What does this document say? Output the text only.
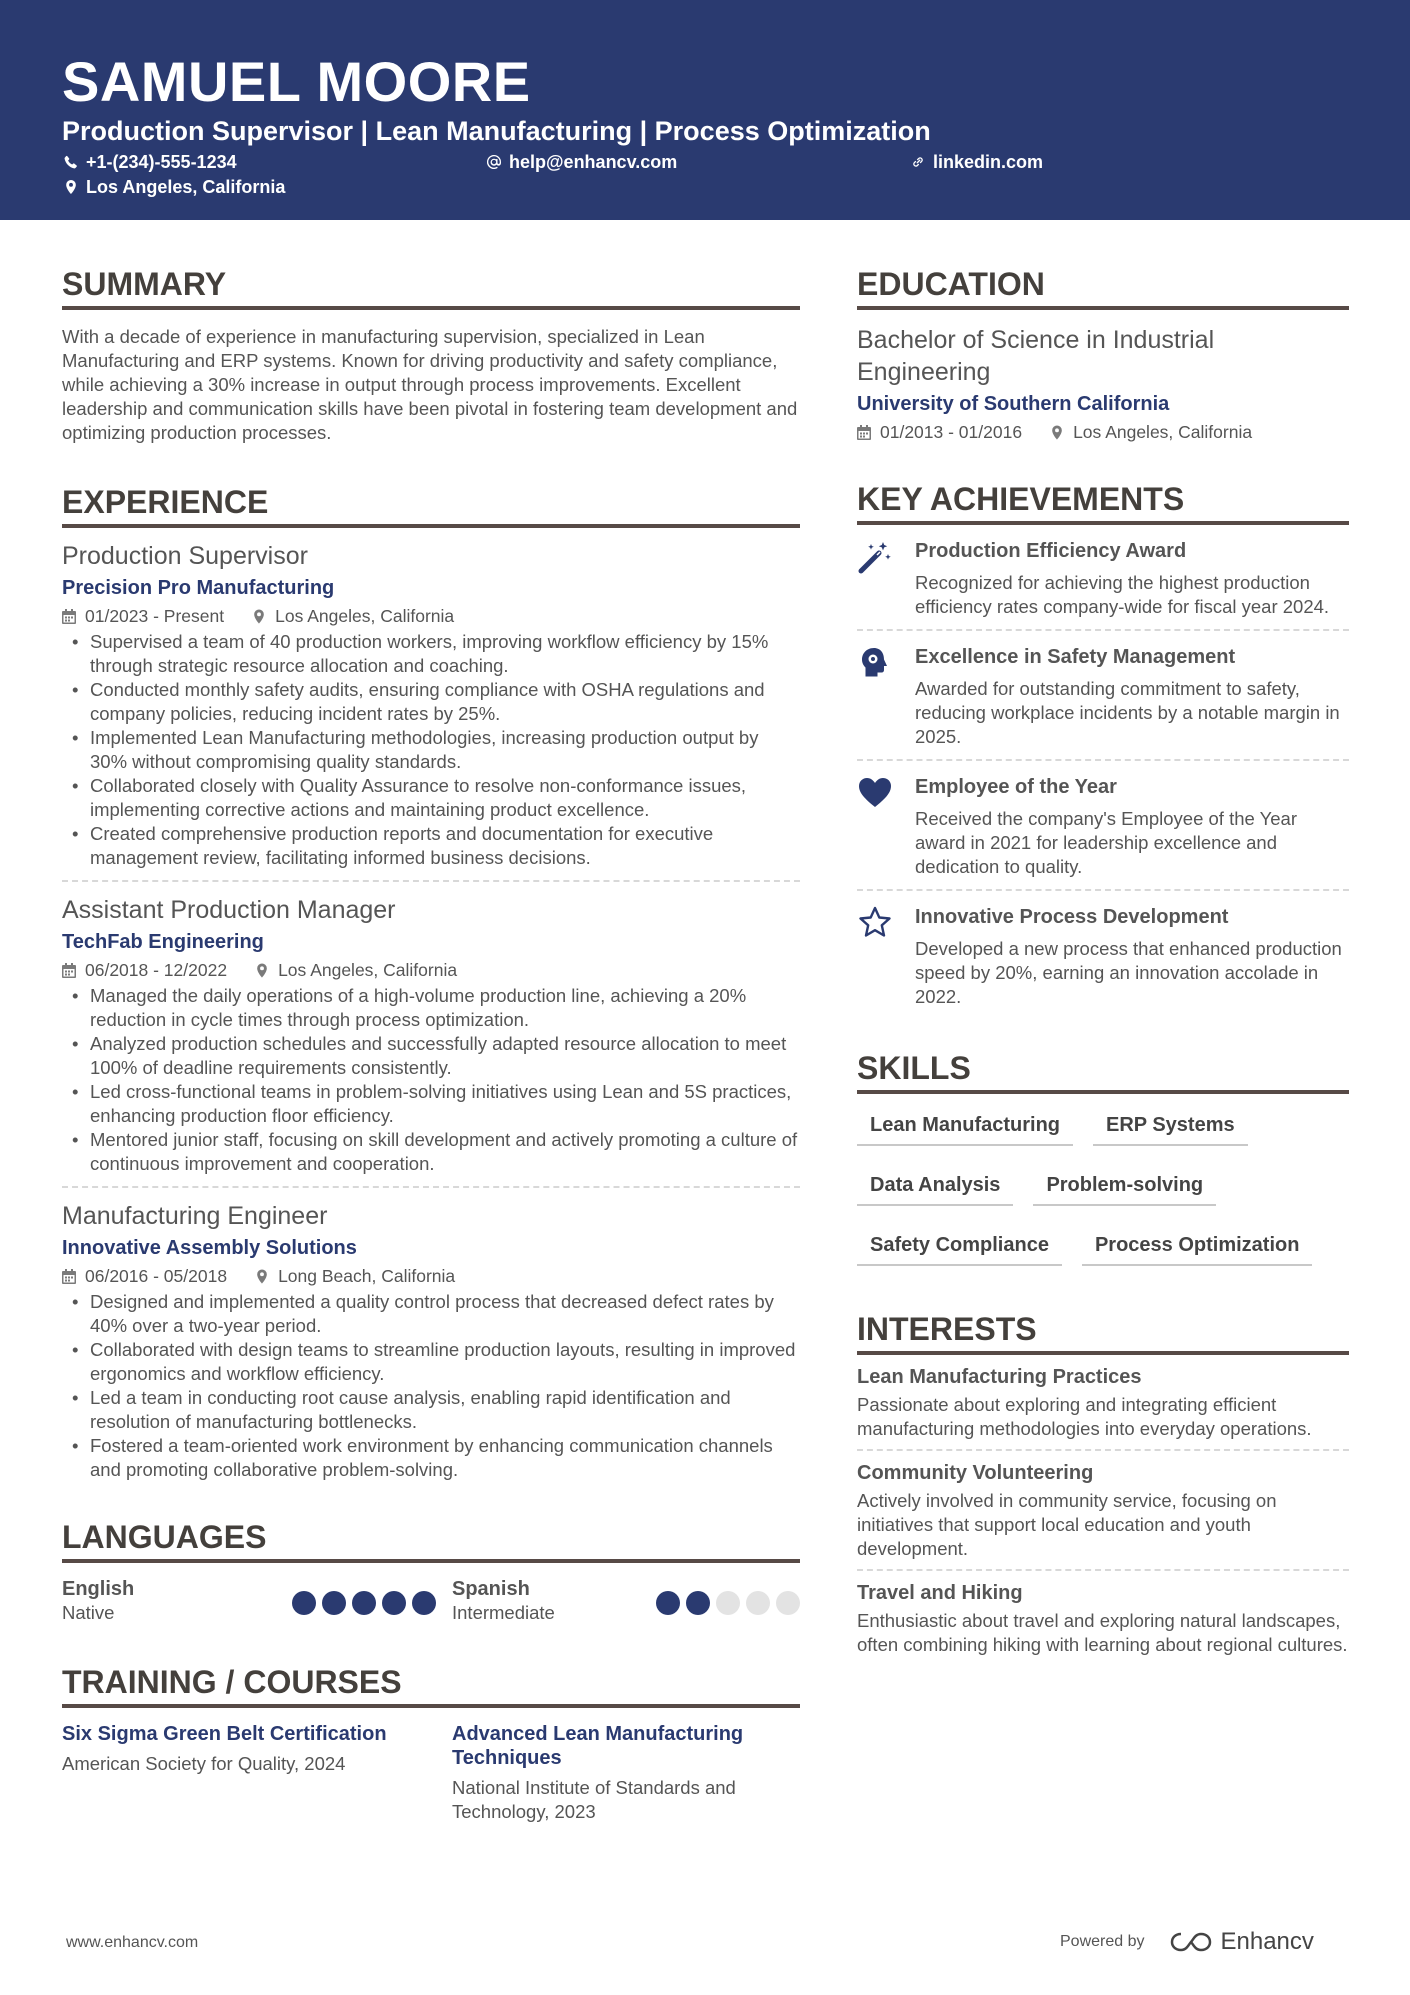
SAMUEL MOORE
Production Supervisor | Lean Manufacturing | Process Optimization
+1-(234)-555-1234	help@enhancv.com	linkedin.com
Los Angeles, California
SUMMARY

With a decade of experience in manufacturing supervision, specialized in Lean Manufacturing and ERP systems. Known for driving productivity and safety compliance, while achieving a 30% increase in output through process improvements. Excellent leadership and communication skills have been pivotal in fostering team development and optimizing production processes.

EXPERIENCE
Production Supervisor
Precision Pro Manufacturing
01/2023 - Present	Los Angeles, California
• Supervised a team of 40 production workers, improving workflow efficiency by 15% through strategic resource allocation and coaching.
• Conducted monthly safety audits, ensuring compliance with OSHA regulations and company policies, reducing incident rates by 25%.
• Implemented Lean Manufacturing methodologies, increasing production output by 30% without compromising quality standards.
• Collaborated closely with Quality Assurance to resolve non-conformance issues, implementing corrective actions and maintaining product excellence.
• Created comprehensive production reports and documentation for executive management review, facilitating informed business decisions.
Assistant Production Manager
TechFab Engineering
06/2018 - 12/2022	Los Angeles, California
• Managed the daily operations of a high-volume production line, achieving a 20% reduction in cycle times through process optimization.
• Analyzed production schedules and successfully adapted resource allocation to meet 100% of deadline requirements consistently.
• Led cross-functional teams in problem-solving initiatives using Lean and 5S practices, enhancing production floor efficiency.
• Mentored junior staff, focusing on skill development and actively promoting a culture of continuous improvement and cooperation.
Manufacturing Engineer
Innovative Assembly Solutions
06/2016 - 05/2018	Long Beach, California
• Designed and implemented a quality control process that decreased defect rates by 40% over a two-year period.
• Collaborated with design teams to streamline production layouts, resulting in improved ergonomics and workflow efficiency.
• Led a team in conducting root cause analysis, enabling rapid identification and resolution of manufacturing bottlenecks.
• Fostered a team-oriented work environment by enhancing communication channels and promoting collaborative problem-solving.
LANGUAGES
English
Native
Spanish
Intermediate
TRAINING / COURSES
Six Sigma Green Belt Certification
American Society for Quality, 2024
Advanced Lean Manufacturing Techniques
National Institute of Standards and Technology, 2023
EDUCATION
Bachelor of Science in Industrial Engineering
University of Southern California
01/2013 - 01/2016	Los Angeles, California
KEY ACHIEVEMENTS
Production Efficiency Award
Recognized for achieving the highest production efficiency rates company-wide for fiscal year 2024.
Excellence in Safety Management
Awarded for outstanding commitment to safety, reducing workplace incidents by a notable margin in 2025.
Employee of the Year
Received the company's Employee of the Year award in 2021 for leadership excellence and dedication to quality.
Innovative Process Development
Developed a new process that enhanced production speed by 20%, earning an innovation accolade in 2022.
SKILLS
Lean Manufacturing	ERP Systems
Data Analysis	Problem-solving
Safety Compliance	Process Optimization
INTERESTS
Lean Manufacturing Practices
Passionate about exploring and integrating efficient manufacturing methodologies into everyday operations.
Community Volunteering
Actively involved in community service, focusing on initiatives that support local education and youth development.
Travel and Hiking
Enthusiastic about travel and exploring natural landscapes, often combining hiking with learning about regional cultures.
www.enhancv.com	Powered by	Enhancv
